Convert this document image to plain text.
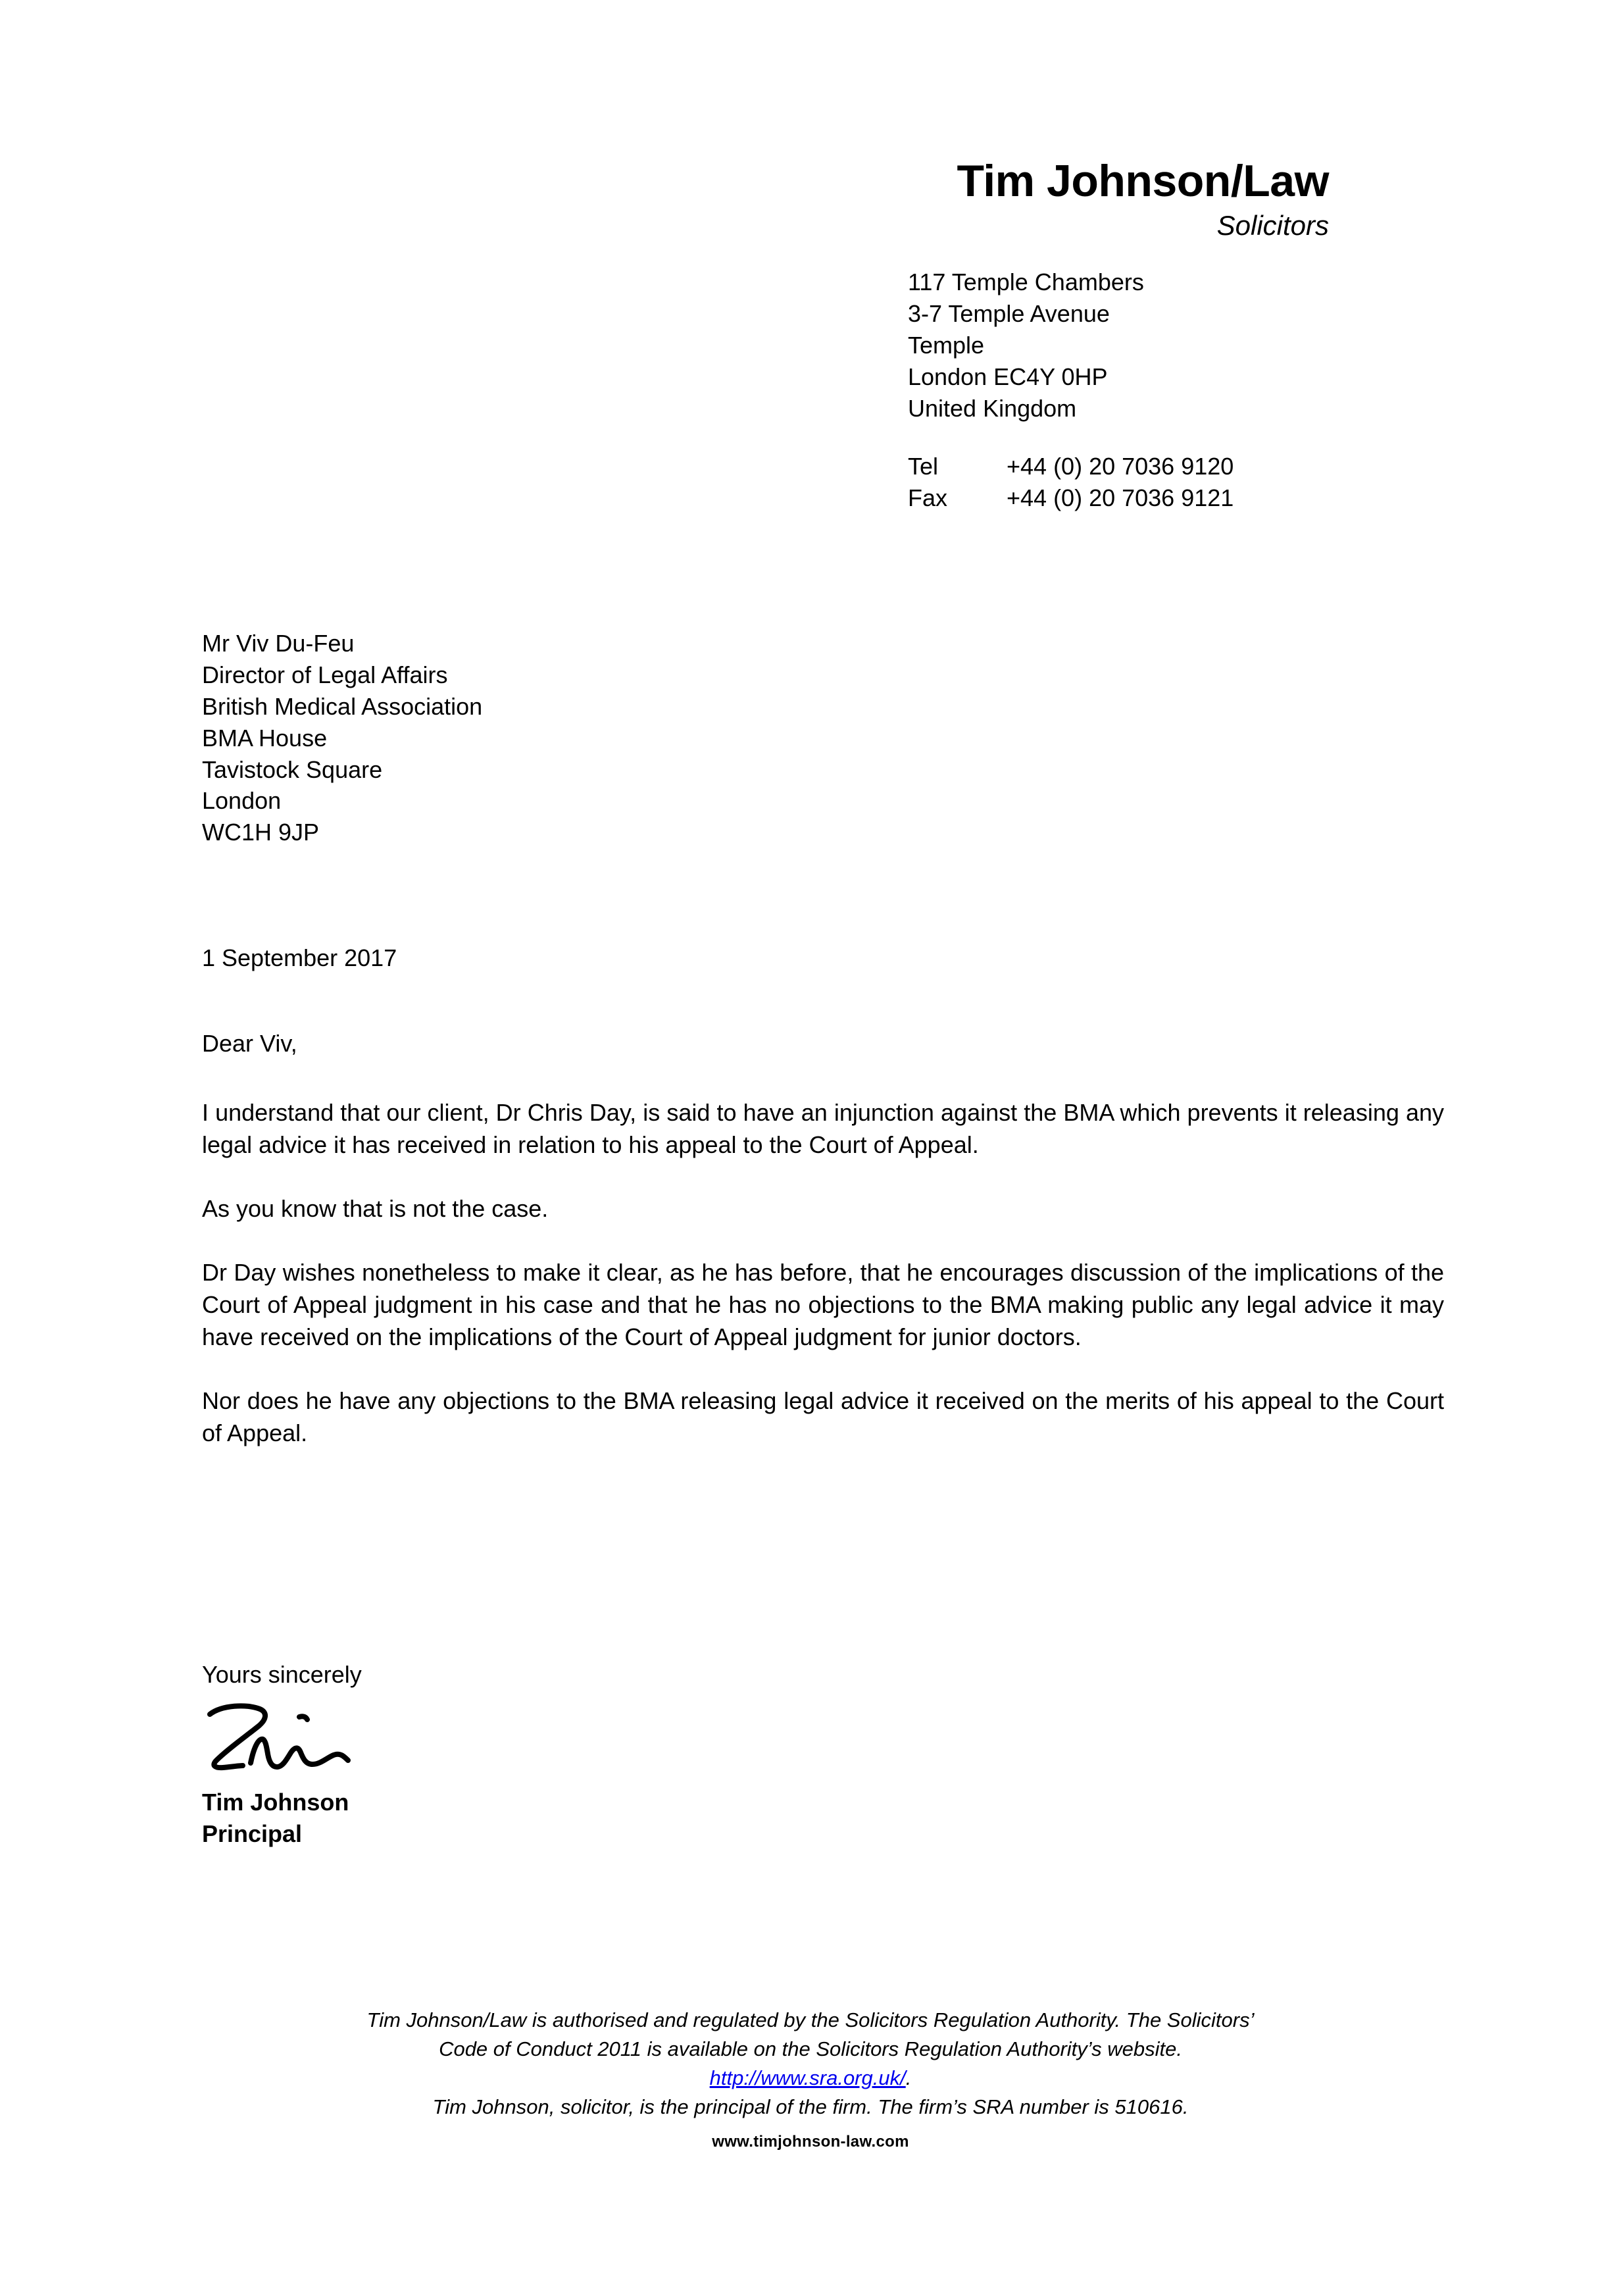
Tim Johnson/Law
Solicitors
117 Temple Chambers
3-7 Temple Avenue
Temple
London EC4Y 0HP
United Kingdom
Tel	+44 (0) 20 7036 9120
Fax	+44 (0) 20 7036 9121
Mr Viv Du-Feu
Director of Legal Affairs
British Medical Association
BMA House
Tavistock Square
London
WC1H 9JP
1 September 2017

Dear Viv,

I understand that our client, Dr Chris Day, is said to have an injunction against the BMA which prevents it releasing any legal advice it has received in relation to his appeal to the Court of Appeal.

As you know that is not the case.

Dr Day wishes nonetheless to make it clear, as he has before, that he encourages discussion of the implications of the Court of Appeal judgment in his case and that he has no objections to the BMA making public any legal advice it may have received on the implications of the Court of Appeal judgment for junior doctors.

Nor does he have any objections to the BMA releasing legal advice it received on the merits of his appeal to the Court of Appeal.

Yours sincerely
Tim Johnson
Principal
Tim Johnson/Law is authorised and regulated by the Solicitors Regulation Authority. The Solicitors’
Code of Conduct 2011 is available on the Solicitors Regulation Authority’s website.
http://www.sra.org.uk/.
Tim Johnson, solicitor, is the principal of the firm. The firm’s SRA number is 510616.
www.timjohnson-law.com
